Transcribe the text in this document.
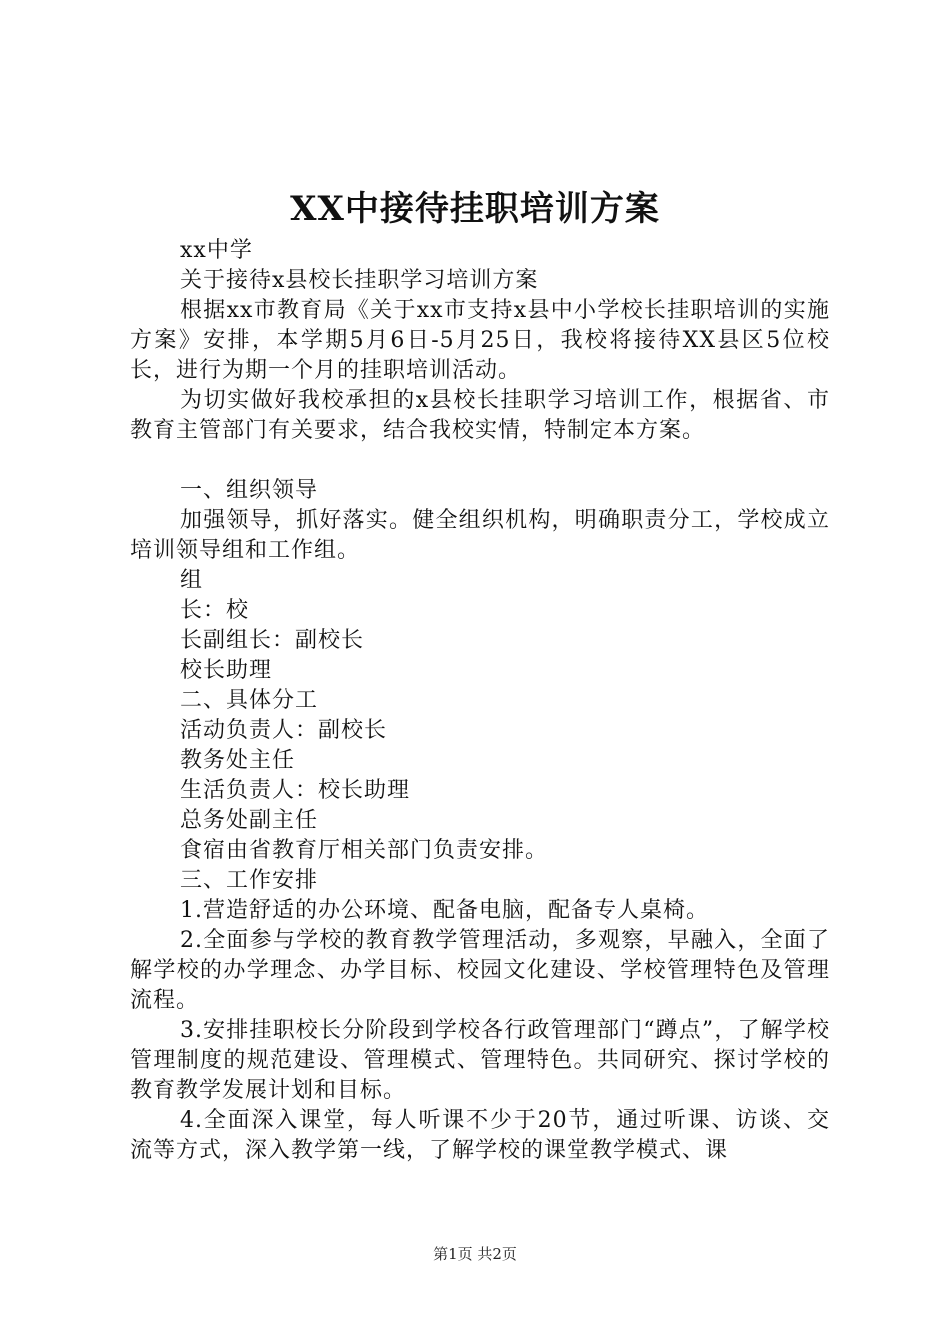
XX中接待挂职培训方案

xx中学

关于接待x县校长挂职学习培训方案

根据xx市教育局《关于xx市支持x县中小学校长挂职培训的实施方案》安排，本学期5月6日-5月25日，我校将接待XX县区5位校长，进行为期一个月的挂职培训活动。

为切实做好我校承担的x县校长挂职学习培训工作，根据省、市教育主管部门有关要求，结合我校实情，特制定本方案。

一、组织领导

加强领导，抓好落实。健全组织机构，明确职责分工，学校成立培训领导组和工作组。

组

长：校

长副组长：副校长

校长助理

二、具体分工

活动负责人：副校长

教务处主任

生活负责人：校长助理

总务处副主任

食宿由省教育厅相关部门负责安排。

三、工作安排

1.营造舒适的办公环境、配备电脑，配备专人桌椅。

2.全面参与学校的教育教学管理活动，多观察，早融入，全面了解学校的办学理念、办学目标、校园文化建设、学校管理特色及管理流程。

3.安排挂职校长分阶段到学校各行政管理部门“蹲点”，了解学校管理制度的规范建设、管理模式、管理特色。共同研究、探讨学校的教育教学发展计划和目标。

4.全面深入课堂，每人听课不少于20节，通过听课、访谈、交流等方式，深入教学第一线，了解学校的课堂教学模式、课

第1页 共2页
